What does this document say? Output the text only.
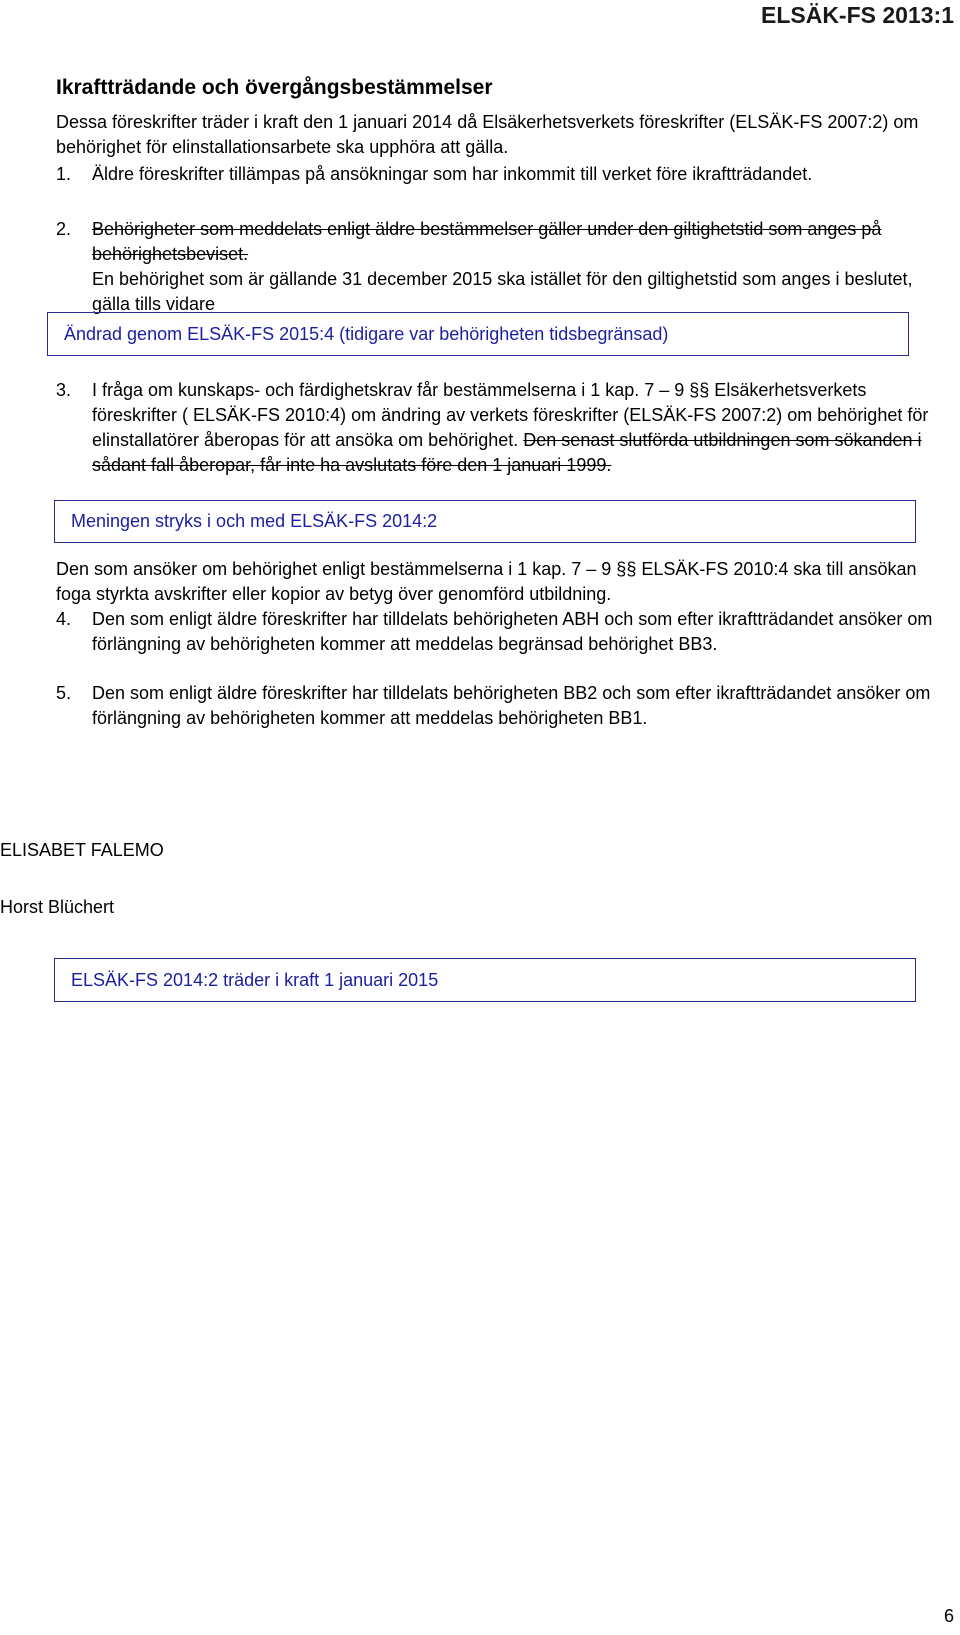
ELSÄK-FS 2013:1
Ikraftträdande och övergångsbestämmelser
Dessa föreskrifter träder i kraft den 1 januari 2014 då Elsäkerhetsverkets föreskrifter (ELSÄK-FS 2007:2) om behörighet för elinstallationsarbete ska upphöra att gälla.
1.	Äldre föreskrifter tillämpas på ansökningar som har inkommit till verket före ikraftträdandet.
2.	Behörigheter som meddelats enligt äldre bestämmelser gäller under den giltighetstid som anges på behörighetsbeviset.
En behörighet som är gällande 31 december 2015 ska istället för den giltighetstid som anges i beslutet, gälla tills vidare
Ändrad genom ELSÄK-FS 2015:4 (tidigare var behörigheten tidsbegränsad)
3.	I fråga om kunskaps- och färdighetskrav får bestämmelserna i 1 kap. 7 – 9 §§ Elsäkerhetsverkets föreskrifter ( ELSÄK-FS 2010:4) om ändring av verkets föreskrifter (ELSÄK-FS 2007:2) om behörighet för elinstallatörer åberopas för att ansöka om behörighet. Den senast slutförda utbildningen som sökanden i sådant fall åberopar, får inte ha avslutats före den 1 januari 1999.
Meningen stryks i och med ELSÄK-FS 2014:2
Den som ansöker om behörighet enligt bestämmelserna i 1 kap. 7 – 9 §§ ELSÄK-FS 2010:4 ska till ansökan foga styrkta avskrifter eller kopior av betyg över genomförd utbildning.
4.	Den som enligt äldre föreskrifter har tilldelats behörigheten ABH och som efter ikraftträdandet ansöker om förlängning av behörigheten kommer att meddelas begränsad behörighet BB3.
5.	Den som enligt äldre föreskrifter har tilldelats behörigheten BB2 och som efter ikraftträdandet ansöker om förlängning av behörigheten kommer att meddelas behörigheten BB1.
ELISABET FALEMO
Horst Blüchert
ELSÄK-FS 2014:2 träder i kraft 1 januari 2015
6
